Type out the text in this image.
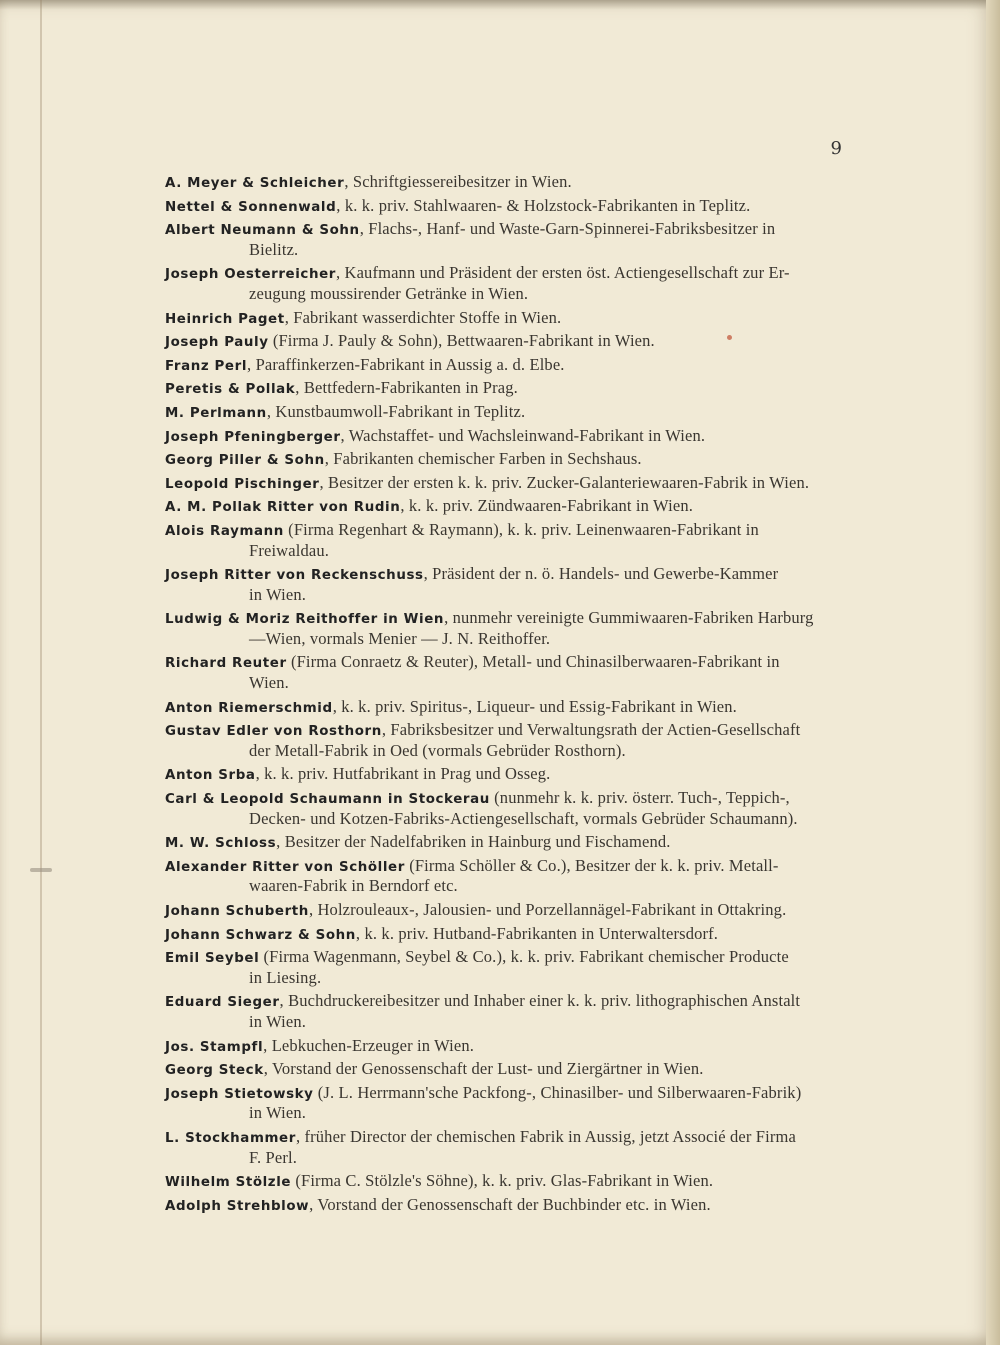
9
A. Meyer & Schleicher, Schriftgiessereibesitzer in Wien.
Nettel & Sonnenwald, k. k. priv. Stahlwaaren- & Holzstock-Fabrikanten in Teplitz.
Albert Neumann & Sohn, Flachs-, Hanf- und Waste-Garn-Spinnerei-Fabriksbesitzer in
Bielitz.
Joseph Oesterreicher, Kaufmann und Präsident der ersten öst. Actiengesellschaft zur Er-
zeugung moussirender Getränke in Wien.
Heinrich Paget, Fabrikant wasserdichter Stoffe in Wien.
Joseph Pauly (Firma J. Pauly & Sohn), Bettwaaren-Fabrikant in Wien.
Franz Perl, Paraffinkerzen-Fabrikant in Aussig a. d. Elbe.
Peretis & Pollak, Bettfedern-Fabrikanten in Prag.
M. Perlmann, Kunstbaumwoll-Fabrikant in Teplitz.
Joseph Pfeningberger, Wachstaffet- und Wachsleinwand-Fabrikant in Wien.
Georg Piller & Sohn, Fabrikanten chemischer Farben in Sechshaus.
Leopold Pischinger, Besitzer der ersten k. k. priv. Zucker-Galanteriewaaren-Fabrik in Wien.
A. M. Pollak Ritter von Rudin, k. k. priv. Zündwaaren-Fabrikant in Wien.
Alois Raymann (Firma Regenhart & Raymann), k. k. priv. Leinenwaaren-Fabrikant in
Freiwaldau.
Joseph Ritter von Reckenschuss, Präsident der n. ö. Handels- und Gewerbe-Kammer
in Wien.
Ludwig & Moriz Reithoffer in Wien, nunmehr vereinigte Gummiwaaren-Fabriken Harburg
—Wien, vormals Menier — J. N. Reithoffer.
Richard Reuter (Firma Conraetz & Reuter), Metall- und Chinasilberwaaren-Fabrikant in
Wien.
Anton Riemerschmid, k. k. priv. Spiritus-, Liqueur- und Essig-Fabrikant in Wien.
Gustav Edler von Rosthorn, Fabriksbesitzer und Verwaltungsrath der Actien-Gesellschaft
der Metall-Fabrik in Oed (vormals Gebrüder Rosthorn).
Anton Srba, k. k. priv. Hutfabrikant in Prag und Osseg.
Carl & Leopold Schaumann in Stockerau (nunmehr k. k. priv. österr. Tuch-, Teppich-,
Decken- und Kotzen-Fabriks-Actiengesellschaft, vormals Gebrüder Schaumann).
M. W. Schloss, Besitzer der Nadelfabriken in Hainburg und Fischamend.
Alexander Ritter von Schöller (Firma Schöller & Co.), Besitzer der k. k. priv. Metall-
waaren-Fabrik in Berndorf etc.
Johann Schuberth, Holzrouleaux-, Jalousien- und Porzellannägel-Fabrikant in Ottakring.
Johann Schwarz & Sohn, k. k. priv. Hutband-Fabrikanten in Unterwaltersdorf.
Emil Seybel (Firma Wagenmann, Seybel & Co.), k. k. priv. Fabrikant chemischer Producte
in Liesing.
Eduard Sieger, Buchdruckereibesitzer und Inhaber einer k. k. priv. lithographischen Anstalt
in Wien.
Jos. Stampfl, Lebkuchen-Erzeuger in Wien.
Georg Steck, Vorstand der Genossenschaft der Lust- und Ziergärtner in Wien.
Joseph Stietowsky (J. L. Herrmann'sche Packfong-, Chinasilber- und Silberwaaren-Fabrik)
in Wien.
L. Stockhammer, früher Director der chemischen Fabrik in Aussig, jetzt Associé der Firma
F. Perl.
Wilhelm Stölzle (Firma C. Stölzle's Söhne), k. k. priv. Glas-Fabrikant in Wien.
Adolph Strehblow, Vorstand der Genossenschaft der Buchbinder etc. in Wien.
